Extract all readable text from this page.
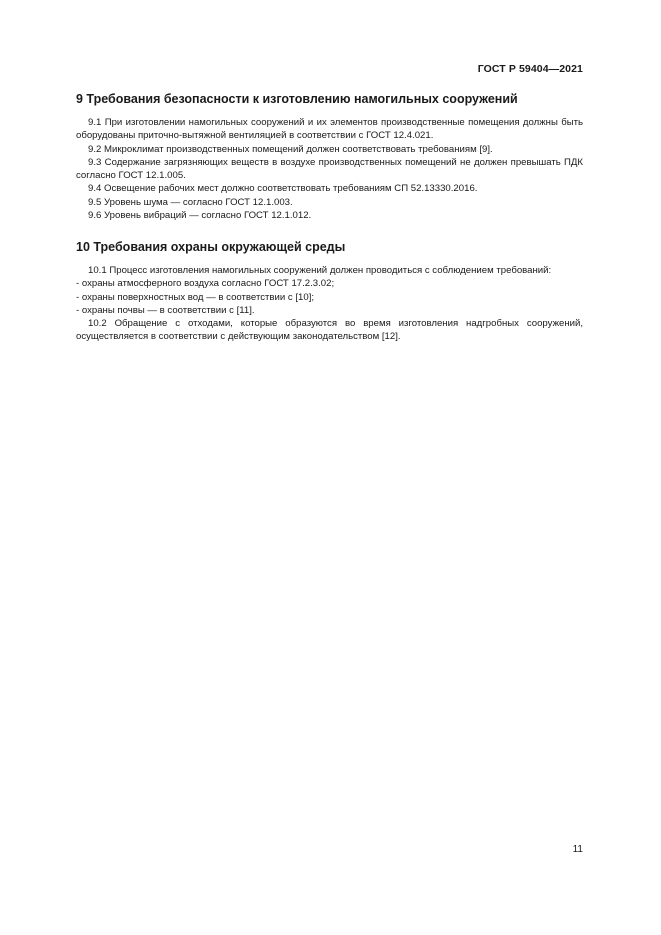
ГОСТ Р 59404—2021
9 Требования безопасности к изготовлению намогильных сооружений

9.1 При изготовлении намогильных сооружений и их элементов производственные помещения должны быть оборудованы приточно-вытяжной вентиляцией в соответствии с ГОСТ 12.4.021.

9.2 Микроклимат производственных помещений должен соответствовать требованиям [9].

9.3 Содержание загрязняющих веществ в воздухе производственных помещений не должен превышать ПДК согласно ГОСТ 12.1.005.

9.4 Освещение рабочих мест должно соответствовать требованиям СП 52.13330.2016.

9.5 Уровень шума — согласно ГОСТ 12.1.003.

9.6 Уровень вибраций — согласно ГОСТ 12.1.012.

10 Требования охраны окружающей среды

10.1 Процесс изготовления намогильных сооружений должен проводиться с соблюдением требований:

- охраны атмосферного воздуха согласно ГОСТ 17.2.3.02;

- охраны поверхностных вод — в соответствии с [10];

- охраны почвы — в соответствии с [11].

10.2 Обращение с отходами, которые образуются во время изготовления надгробных сооружений, осуществляется в соответствии с действующим законодательством [12].

11
